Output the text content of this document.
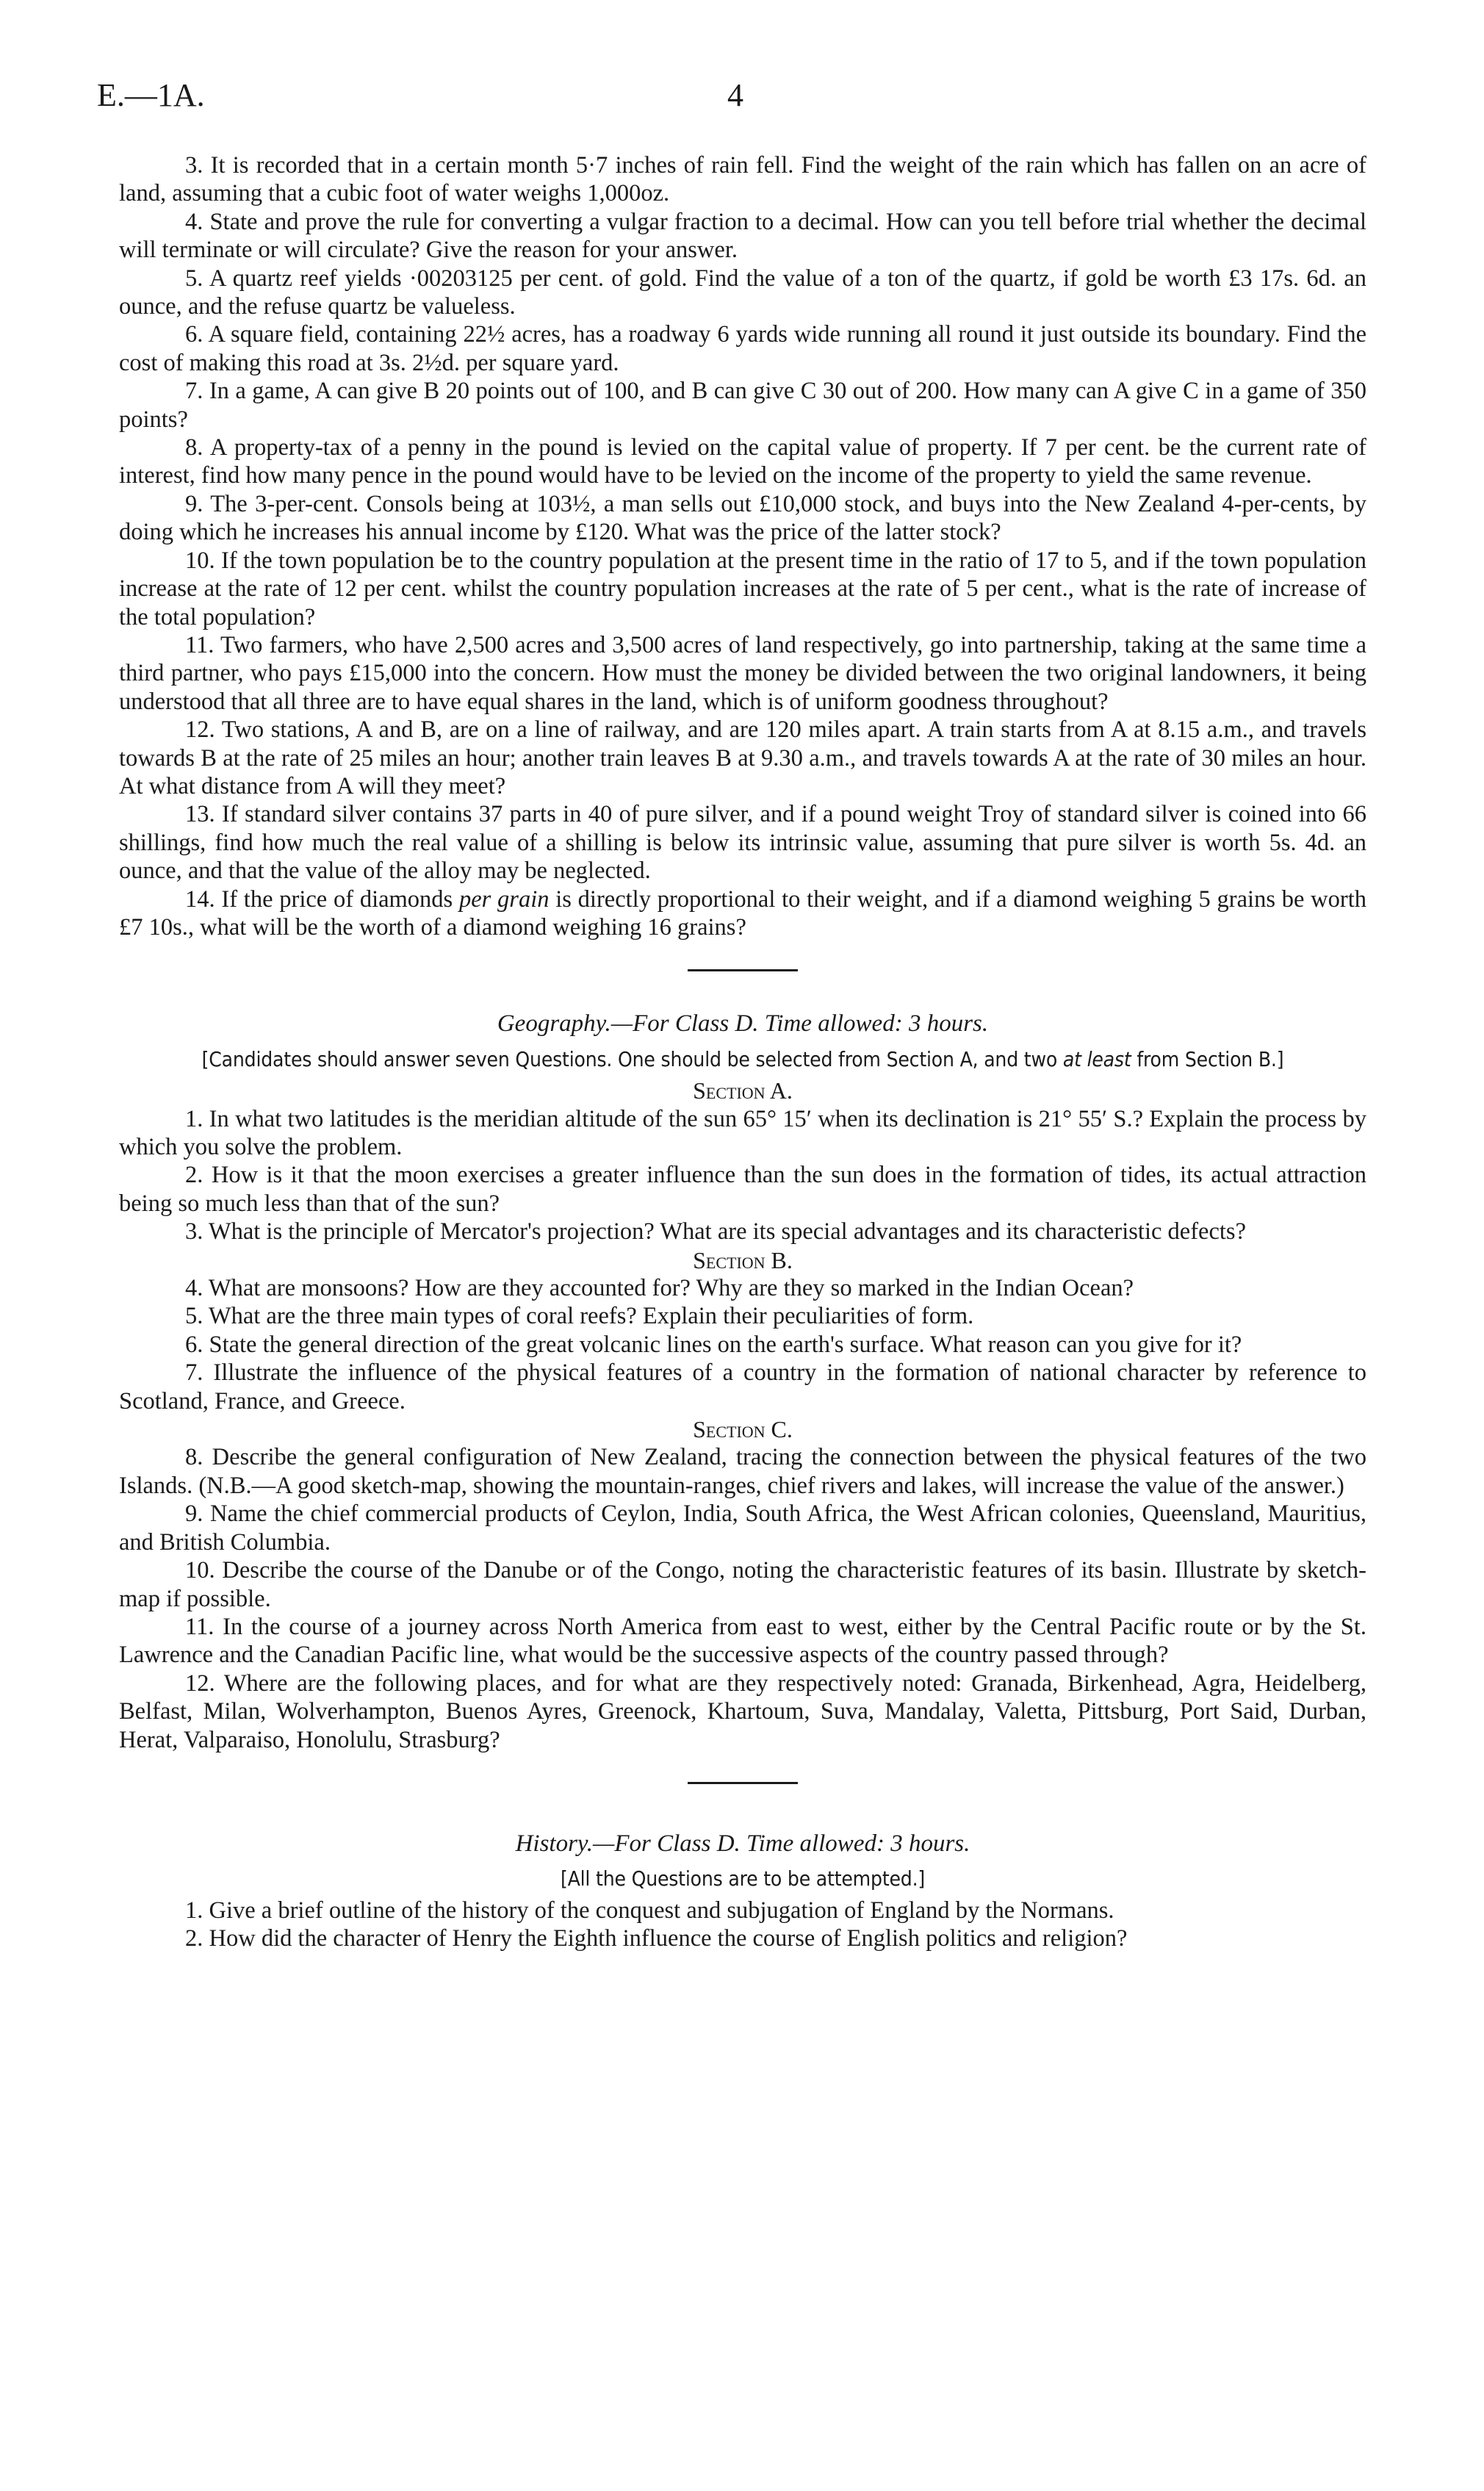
E.—1A.	4

3. It is recorded that in a certain month 5·7 inches of rain fell. Find the weight of the rain which has fallen on an acre of land, assuming that a cubic foot of water weighs 1,000oz.

4. State and prove the rule for converting a vulgar fraction to a decimal. How can you tell before trial whether the decimal will terminate or will circulate? Give the reason for your answer.

5. A quartz reef yields ·00203125 per cent. of gold. Find the value of a ton of the quartz, if gold be worth £3 17s. 6d. an ounce, and the refuse quartz be valueless.

6. A square field, containing 22½ acres, has a roadway 6 yards wide running all round it just outside its boundary. Find the cost of making this road at 3s. 2½d. per square yard.

7. In a game, A can give B 20 points out of 100, and B can give C 30 out of 200. How many can A give C in a game of 350 points?

8. A property-tax of a penny in the pound is levied on the capital value of property. If 7 per cent. be the current rate of interest, find how many pence in the pound would have to be levied on the income of the property to yield the same revenue.

9. The 3-per-cent. Consols being at 103½, a man sells out £10,000 stock, and buys into the New Zealand 4-per-cents, by doing which he increases his annual income by £120. What was the price of the latter stock?

10. If the town population be to the country population at the present time in the ratio of 17 to 5, and if the town population increase at the rate of 12 per cent. whilst the country population increases at the rate of 5 per cent., what is the rate of increase of the total population?

11. Two farmers, who have 2,500 acres and 3,500 acres of land respectively, go into partnership, taking at the same time a third partner, who pays £15,000 into the concern. How must the money be divided between the two original landowners, it being understood that all three are to have equal shares in the land, which is of uniform goodness throughout?

12. Two stations, A and B, are on a line of railway, and are 120 miles apart. A train starts from A at 8.15 a.m., and travels towards B at the rate of 25 miles an hour; another train leaves B at 9.30 a.m., and travels towards A at the rate of 30 miles an hour. At what distance from A will they meet?

13. If standard silver contains 37 parts in 40 of pure silver, and if a pound weight Troy of standard silver is coined into 66 shillings, find how much the real value of a shilling is below its intrinsic value, assuming that pure silver is worth 5s. 4d. an ounce, and that the value of the alloy may be neglected.

14. If the price of diamonds per grain is directly proportional to their weight, and if a diamond weighing 5 grains be worth £7 10s., what will be the worth of a diamond weighing 16 grains?

Geography.—For Class D. Time allowed: 3 hours.

[Candidates should answer seven Questions. One should be selected from Section A, and two at least from Section B.]

Section A.

1. In what two latitudes is the meridian altitude of the sun 65° 15′ when its declination is 21° 55′ S.? Explain the process by which you solve the problem.

2. How is it that the moon exercises a greater influence than the sun does in the formation of tides, its actual attraction being so much less than that of the sun?

3. What is the principle of Mercator's projection? What are its special advantages and its characteristic defects?

Section B.

4. What are monsoons? How are they accounted for? Why are they so marked in the Indian Ocean?

5. What are the three main types of coral reefs? Explain their peculiarities of form.

6. State the general direction of the great volcanic lines on the earth's surface. What reason can you give for it?

7. Illustrate the influence of the physical features of a country in the formation of national character by reference to Scotland, France, and Greece.

Section C.

8. Describe the general configuration of New Zealand, tracing the connection between the physical features of the two Islands. (N.B.—A good sketch-map, showing the mountain-ranges, chief rivers and lakes, will increase the value of the answer.)

9. Name the chief commercial products of Ceylon, India, South Africa, the West African colonies, Queensland, Mauritius, and British Columbia.

10. Describe the course of the Danube or of the Congo, noting the characteristic features of its basin. Illustrate by sketch-map if possible.

11. In the course of a journey across North America from east to west, either by the Central Pacific route or by the St. Lawrence and the Canadian Pacific line, what would be the successive aspects of the country passed through?

12. Where are the following places, and for what are they respectively noted: Granada, Birkenhead, Agra, Heidelberg, Belfast, Milan, Wolverhampton, Buenos Ayres, Greenock, Khartoum, Suva, Mandalay, Valetta, Pittsburg, Port Said, Durban, Herat, Valparaiso, Honolulu, Strasburg?

History.—For Class D. Time allowed: 3 hours.

[All the Questions are to be attempted.]

1. Give a brief outline of the history of the conquest and subjugation of England by the Normans.

2. How did the character of Henry the Eighth influence the course of English politics and religion?
